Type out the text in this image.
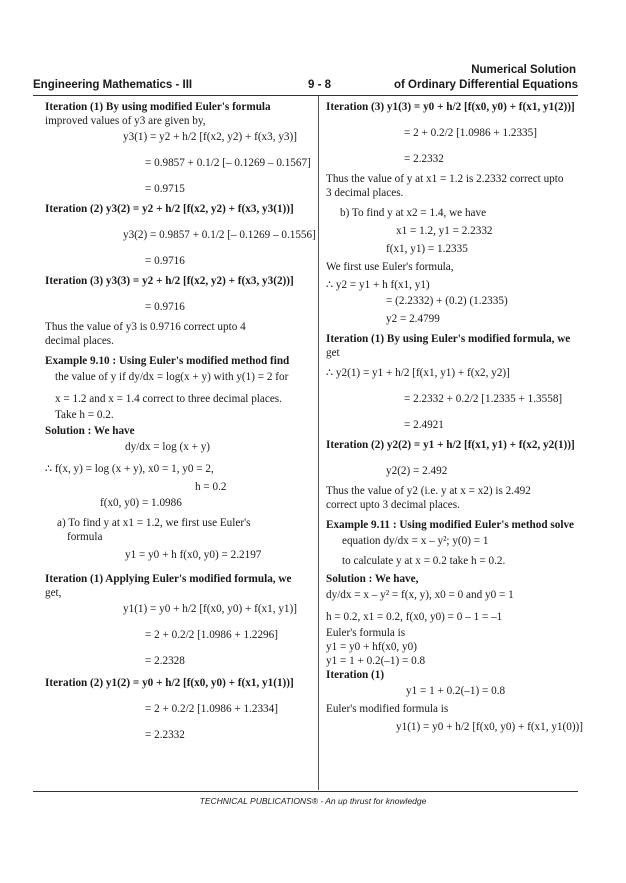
Numerical Solution
Engineering Mathematics - III	9 - 8	of Ordinary Differential Equations
Iteration (1) By using modified Euler's formula
improved values of y3 are given by,
y3(1) = y2 + h/2 [f(x2, y2) + f(x3, y3)]
= 0.9857 + 0.1/2 [– 0.1269 – 0.1567]
= 0.9715
Iteration (2) y3(2) = y2 + h/2 [f(x2, y2) + f(x3, y3(1))]
y3(2) = 0.9857 + 0.1/2 [– 0.1269 – 0.1556]
= 0.9716
Iteration (3) y3(3) = y2 + h/2 [f(x2, y2) + f(x3, y3(2))]
= 0.9716
Thus the value of y3 is 0.9716 correct upto 4
decimal places.
Example 9.10 : Using Euler's modified method find
the value of y if dy/dx = log(x + y) with y(1) = 2 for
x = 1.2 and x = 1.4 correct to three decimal places.
Take h = 0.2.
Solution : We have
dy/dx = log (x + y)
∴ f(x, y) = log (x + y), x0 = 1, y0 = 2,
h = 0.2
f(x0, y0) = 1.0986
a) To find y at x1 = 1.2, we first use Euler's
formula
y1 = y0 + h f(x0, y0) = 2.2197
Iteration (1) Applying Euler's modified formula, we
get,
y1(1) = y0 + h/2 [f(x0, y0) + f(x1, y1)]
= 2 + 0.2/2 [1.0986 + 1.2296]
= 2.2328
Iteration (2) y1(2) = y0 + h/2 [f(x0, y0) + f(x1, y1(1))]
= 2 + 0.2/2 [1.0986 + 1.2334]
= 2.2332
Iteration (3) y1(3) = y0 + h/2 [f(x0, y0) + f(x1, y1(2))]
= 2 + 0.2/2 [1.0986 + 1.2335]
= 2.2332
Thus the value of y at x1 = 1.2 is 2.2332 correct upto
3 decimal places.
b) To find y at x2 = 1.4, we have
x1 = 1.2, y1 = 2.2332
f(x1, y1) = 1.2335
We first use Euler's formula,
∴ y2 = y1 + h f(x1, y1)
= (2.2332) + (0.2) (1.2335)
y2 = 2.4799
Iteration (1) By using Euler's modified formula, we
get
∴ y2(1) = y1 + h/2 [f(x1, y1) + f(x2, y2)]
= 2.2332 + 0.2/2 [1.2335 + 1.3558]
= 2.4921
Iteration (2) y2(2) = y1 + h/2 [f(x1, y1) + f(x2, y2(1))]
y2(2) = 2.492
Thus the value of y2 (i.e. y at x = x2) is 2.492
correct upto 3 decimal places.
Example 9.11 : Using modified Euler's method solve
equation dy/dx = x – y²; y(0) = 1
to calculate y at x = 0.2 take h = 0.2.
Solution : We have,
dy/dx = x – y² = f(x, y), x0 = 0 and y0 = 1
h = 0.2, x1 = 0.2, f(x0, y0) = 0 – 1 = –1
Euler's formula is
y1 = y0 + hf(x0, y0)
y1 = 1 + 0.2(–1) = 0.8
Iteration (1)
y1 = 1 + 0.2(–1) = 0.8
Euler's modified formula is
y1(1) = y0 + h/2 [f(x0, y0) + f(x1, y1(0))]
TECHNICAL PUBLICATIONS® - An up thrust for knowledge
